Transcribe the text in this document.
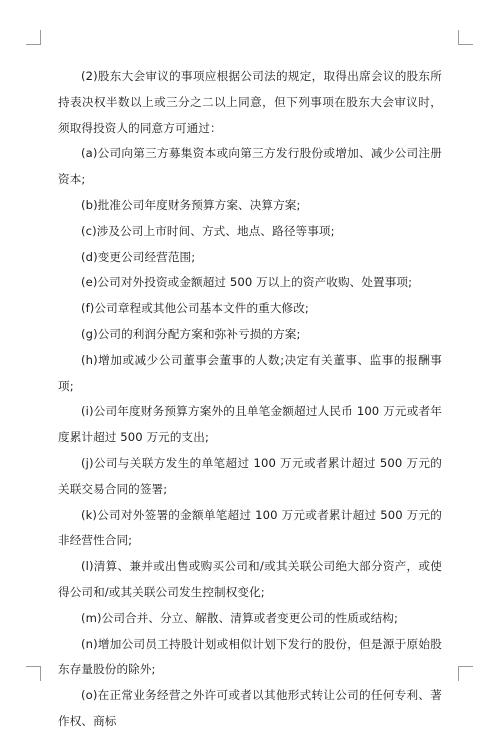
(2)股东大会审议的事项应根据公司法的规定，取得出席会议的股东所持表决权半数以上或三分之二以上同意，但下列事项在股东大会审议时，须取得投资人的同意方可通过：

(a)公司向第三方募集资本或向第三方发行股份或增加、减少公司注册资本;

(b)批准公司年度财务预算方案、决算方案;

(c)涉及公司上市时间、方式、地点、路径等事项;

(d)变更公司经营范围;

(e)公司对外投资或金额超过 500 万以上的资产收购、处置事项;

(f)公司章程或其他公司基本文件的重大修改;

(g)公司的利润分配方案和弥补亏损的方案;

(h)增加或减少公司董事会董事的人数;决定有关董事、监事的报酬事项;

(i)公司年度财务预算方案外的且单笔金额超过人民币 100 万元或者年度累计超过 500 万元的支出;

(j)公司与关联方发生的单笔超过 100 万元或者累计超过 500 万元的关联交易合同的签署;

(k)公司对外签署的金额单笔超过 100 万元或者累计超过 500 万元的非经营性合同;

(l)清算、兼并或出售或购买公司和/或其关联公司绝大部分资产，或使得公司和/或其关联公司发生控制权变化;

(m)公司合并、分立、解散、清算或者变更公司的性质或结构;

(n)增加公司员工持股计划或相似计划下发行的股份，但是源于原始股东存量股份的除外;

(o)在正常业务经营之外许可或者以其他形式转让公司的任何专利、著作权、商标
